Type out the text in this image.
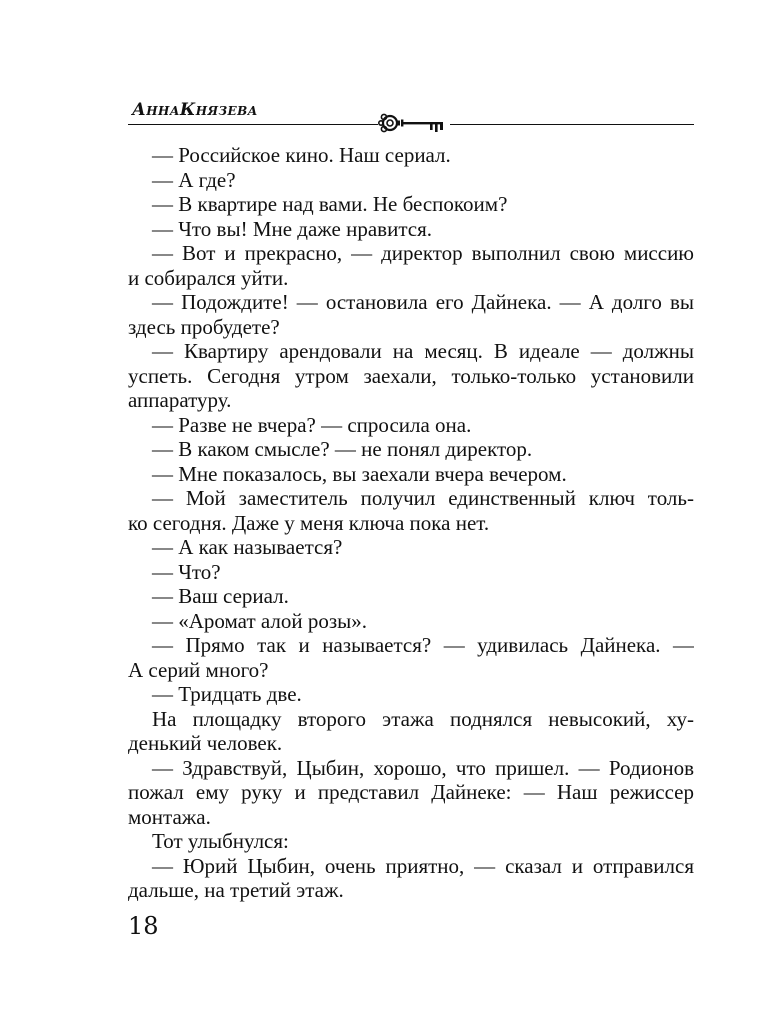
АннаКнязева
— Российское кино. Наш сериал.
— А где?
— В квартире над вами. Не беспокоим?
— Что вы! Мне даже нравится.
— Вот и прекрасно, — директор выполнил свою миссию
и собирался уйти.
— Подождите! — остановила его Дайнека. — А долго вы
здесь пробудете?
— Квартиру арендовали на месяц. В идеале — должны
успеть. Сегодня утром заехали, только-только установили
аппаратуру.
— Разве не вчера? — спросила она.
— В каком смысле? — не понял директор.
— Мне показалось, вы заехали вчера вечером.
— Мой заместитель получил единственный ключ толь-
ко сегодня. Даже у меня ключа пока нет.
— А как называется?
— Что?
— Ваш сериал.
— «Аромат алой розы».
— Прямо так и называется? — удивилась Дайнека. —
А серий много?
— Тридцать две.
На площадку второго этажа поднялся невысокий, ху-
денький человек.
— Здравствуй, Цыбин, хорошо, что пришел. — Родионов
пожал ему руку и представил Дайнеке: — Наш режиссер
монтажа.
Тот улыбнулся:
— Юрий Цыбин, очень приятно, — сказал и отправился
дальше, на третий этаж.
18
